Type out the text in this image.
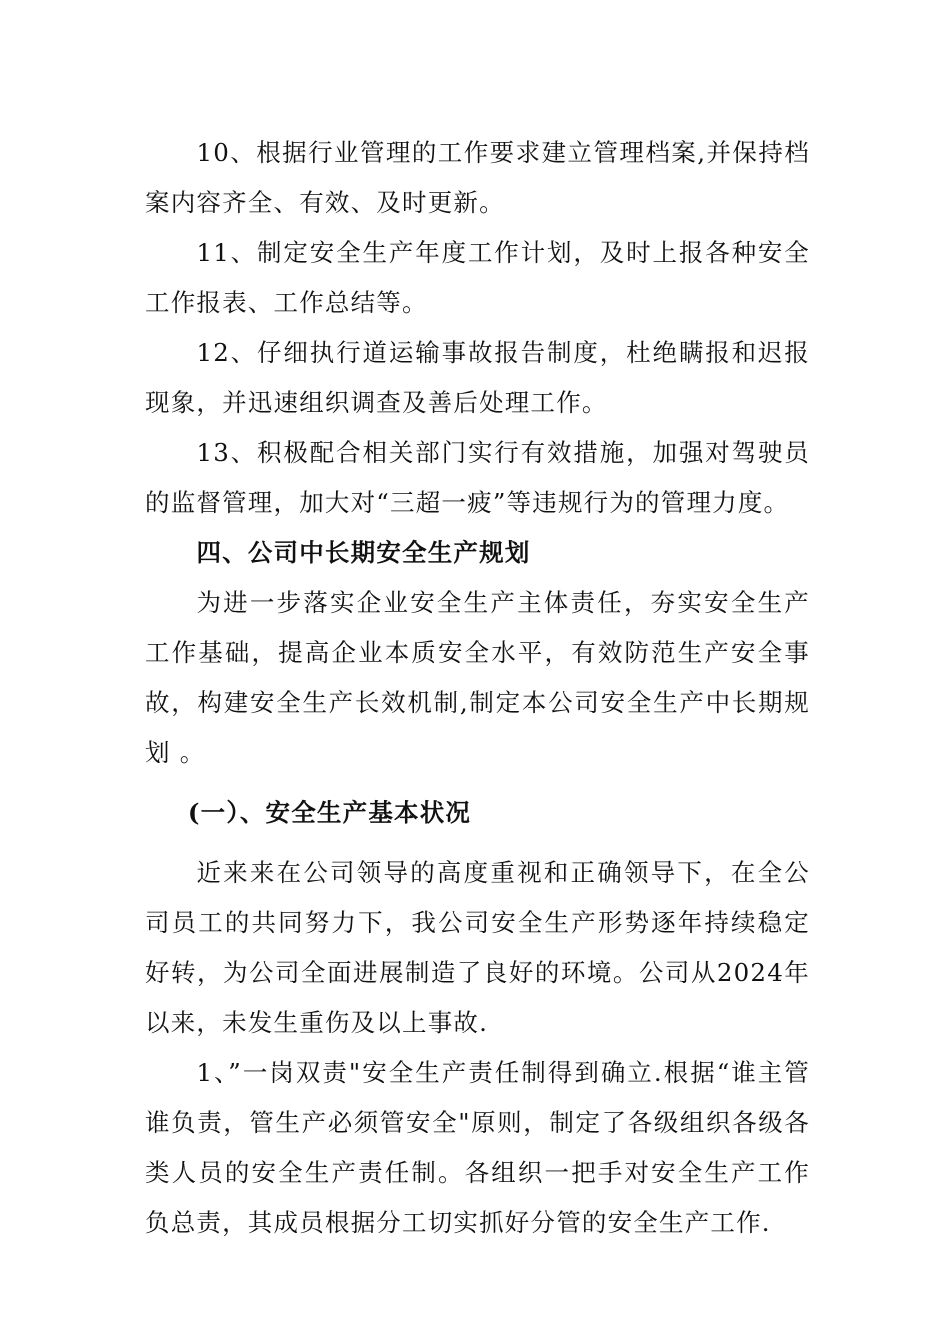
10、根据行业管理的工作要求建立管理档案,并保持档案内容齐全、有效、及时更新。

11、制定安全生产年度工作计划，及时上报各种安全工作报表、工作总结等。

12、仔细执行道运输事故报告制度，杜绝瞒报和迟报现象，并迅速组织调查及善后处理工作。

13、积极配合相关部门实行有效措施，加强对驾驶员的监督管理，加大对“三超一疲”等违规行为的管理力度。

四、公司中长期安全生产规划

为进一步落实企业安全生产主体责任，夯实安全生产工作基础，提高企业本质安全水平，有效防范生产安全事故，构建安全生产长效机制,制定本公司安全生产中长期规划 。

(一）、安全生产基本状况

近来来在公司领导的高度重视和正确领导下，在全公司员工的共同努力下，我公司安全生产形势逐年持续稳定好转，为公司全面进展制造了良好的环境。公司从2024年以来，未发生重伤及以上事故.

1、”一岗双责"安全生产责任制得到确立.根据“谁主管谁负责，管生产必须管安全"原则，制定了各级组织各级各类人员的安全生产责任制。各组织一把手对安全生产工作负总责，其成员根据分工切实抓好分管的安全生产工作.
